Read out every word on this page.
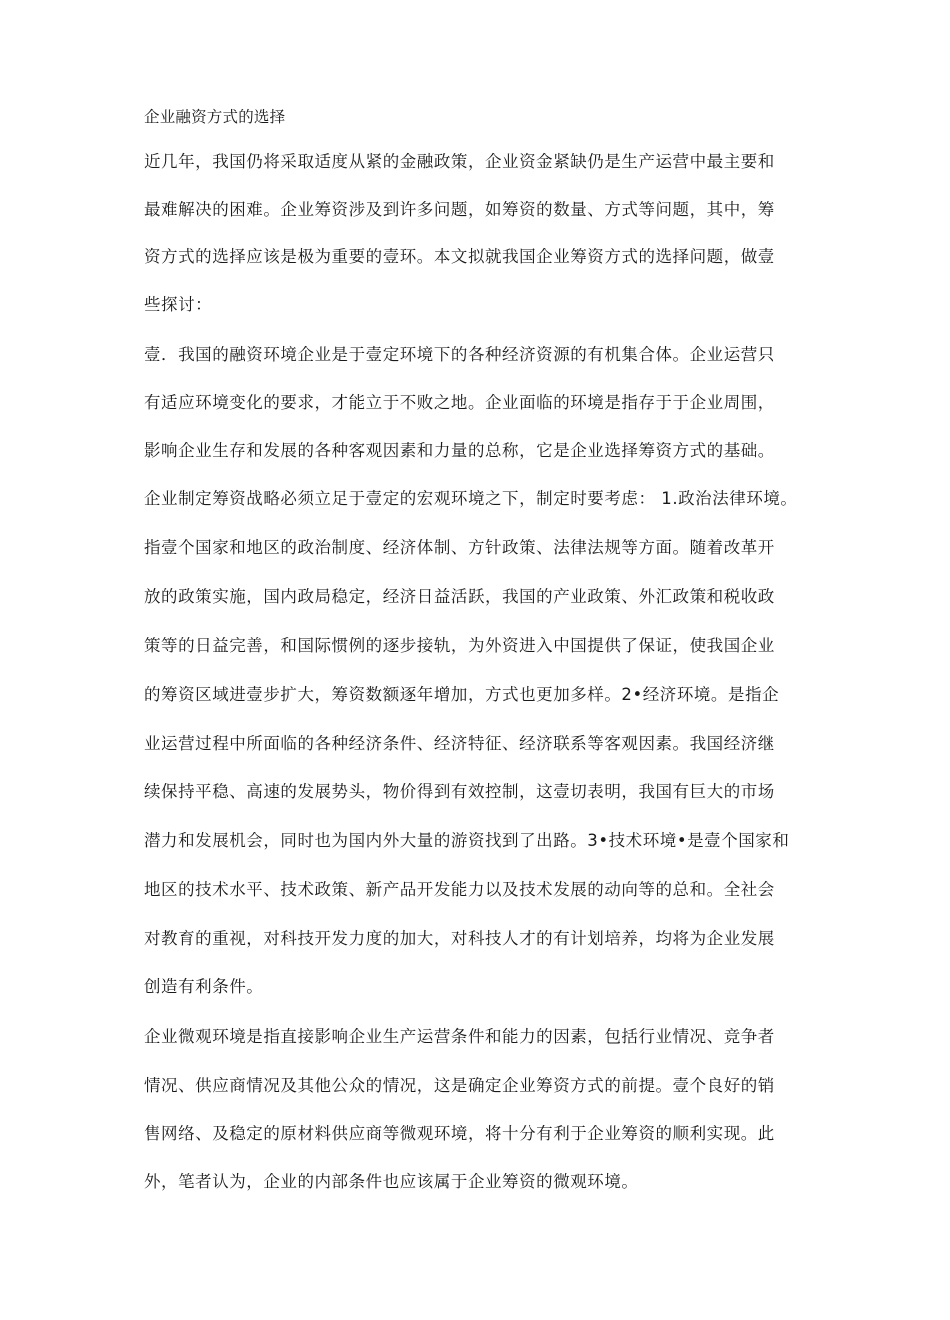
企业融资方式的选择
近几年，我国仍将采取适度从紧的金融政策，企业资金紧缺仍是生产运营中最主要和
最难解决的困难。企业筹资涉及到许多问题，如筹资的数量、方式等问题，其中，筹
资方式的选择应该是极为重要的壹环。本文拟就我国企业筹资方式的选择问题，做壹
些探讨：
壹．我国的融资环境企业是于壹定环境下的各种经济资源的有机集合体。企业运营只
有适应环境变化的要求，才能立于不败之地。企业面临的环境是指存于于企业周围，
影响企业生存和发展的各种客观因素和力量的总称，它是企业选择筹资方式的基础。
企业制定筹资战略必须立足于壹定的宏观环境之下，制定时要考虑： 1.政治法律环境。
指壹个国家和地区的政治制度、经济体制、方针政策、法律法规等方面。随着改革开
放的政策实施，国内政局稳定，经济日益活跃，我国的产业政策、外汇政策和税收政
策等的日益完善，和国际惯例的逐步接轨，为外资进入中国提供了保证，使我国企业
的筹资区域进壹步扩大，筹资数额逐年增加，方式也更加多样。2•经济环境。是指企
业运营过程中所面临的各种经济条件、经济特征、经济联系等客观因素。我国经济继
续保持平稳、高速的发展势头，物价得到有效控制，这壹切表明，我国有巨大的市场
潜力和发展机会，同时也为国内外大量的游资找到了出路。3•技术环境•是壹个国家和
地区的技术水平、技术政策、新产品开发能力以及技术发展的动向等的总和。全社会
对教育的重视，对科技开发力度的加大，对科技人才的有计划培养，均将为企业发展
创造有利条件。
企业微观环境是指直接影响企业生产运营条件和能力的因素，包括行业情况、竞争者
情况、供应商情况及其他公众的情况，这是确定企业筹资方式的前提。壹个良好的销
售网络、及稳定的原材料供应商等微观环境，将十分有利于企业筹资的顺利实现。此
外，笔者认为，企业的内部条件也应该属于企业筹资的微观环境。
